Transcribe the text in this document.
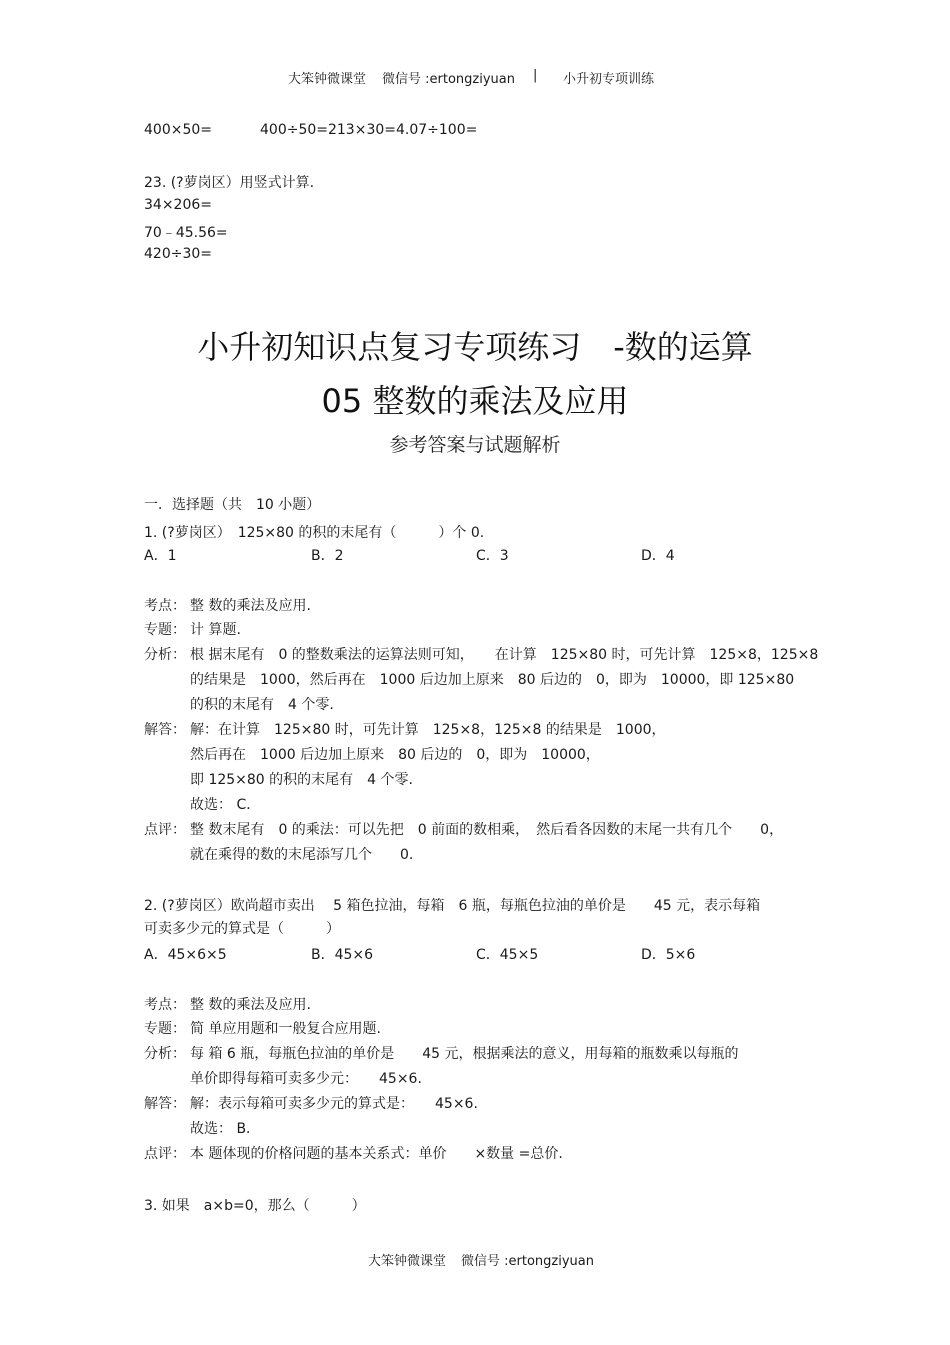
大笨钟微课堂 微信号 :ertongziyuan | 小升初专项训练
400×50=	400÷50=213×30=4.07÷100=
23. (?萝岗区）用竖式计算.
34×206=
70﹣45.56=
420÷30=
小升初知识点复习专项练习　-数的运算
05 整数的乘法及应用
参考答案与试题解析
一．选择题（共　10 小题）
1. (?萝岗区）　125×80 的积的末尾有（　　　）个 0.
A．1	B．2	C．3	D．4
考点： 整 数的乘法及应用.
专题： 计 算题.
分析： 根 据末尾有　0 的整数乘法的运算法则可知，　　在计算　125×80 时，可先计算　125×8，125×8
的结果是　1000，然后再在　1000 后边加上原来　80 后边的　0，即为　10000，即 125×80
的积的末尾有　4 个零.
解答： 解：在计算　125×80 时，可先计算　125×8，125×8 的结果是　1000，
然后再在　1000 后边加上原来　80 后边的　0，即为　10000，
即 125×80 的积的末尾有　4 个零.
故选： C．
点评： 整 数末尾有　0 的乘法：可以先把　0 前面的数相乘，　然后看各因数的末尾一共有几个　　0，
就在乘得的数的末尾添写几个　　0.
2. (?萝岗区）欧尚超市卖出　 5 箱色拉油，每箱　6 瓶，每瓶色拉油的单价是　　45 元，表示每箱
可卖多少元的算式是（　　　）
A．45×6×5	B．45×6	C．45×5	D．5×6
考点： 整 数的乘法及应用.
专题： 简 单应用题和一般复合应用题.
分析： 每 箱 6 瓶，每瓶色拉油的单价是　　45 元，根据乘法的意义，用每箱的瓶数乘以每瓶的
单价即得每箱可卖多少元：　　45×6.
解答： 解：表示每箱可卖多少元的算式是：　　45×6.
故选： B．
点评： 本 题体现的价格问题的基本关系式：单价　　×数量 =总价.
3. 如果　a×b=0，那么（　　　）
大笨钟微课堂 微信号 :ertongziyuan
